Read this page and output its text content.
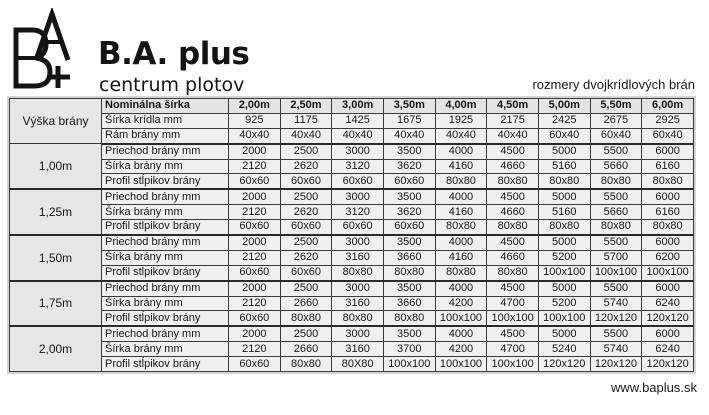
B.A. plus
centrum plotov	rozmery dvojkrídlových brán
Výška brány	Nominálna šírka	2,00m	2,50m	3,00m	3,50m	4,00m	4,50m	5,00m	5,50m	6,00m
	Šírka krídla mm	925	1175	1425	1675	1925	2175	2425	2675	2925
	Rám brány mm	40x40	40x40	40x40	40x40	40x40	40x40	60x40	60x40	60x40
1,00m	Priechod brány mm	2000	2500	3000	3500	4000	4500	5000	5500	6000
	Šírka brány mm	2120	2620	3120	3620	4160	4660	5160	5660	6160
	Profil stĺpikov brány	60x60	60x60	60x60	60x60	80x80	80x80	80x80	80x80	80x80
1,25m	Priechod brány mm	2000	2500	3000	3500	4000	4500	5000	5500	6000
	Šírka brány mm	2120	2620	3120	3620	4160	4660	5160	5660	6160
	Profil stĺpikov brány	60x60	60x60	60x60	60x60	80x80	80x80	80x80	80x80	80x80
1,50m	Priechod brány mm	2000	2500	3000	3500	4000	4500	5000	5500	6000
	Šírka brány mm	2120	2620	3160	3660	4160	4660	5200	5700	6200
	Profil stĺpikov brány	60x60	60x60	80x80	80x80	80x80	80x80	100x100	100x100	100x100
1,75m	Priechod brány mm	2000	2500	3000	3500	4000	4500	5000	5500	6000
	Šírka brány mm	2120	2660	3160	3660	4200	4700	5200	5740	6240
	Profil stĺpikov brány	60x60	80x80	80x80	80x80	100x100	100x100	100x100	120x120	120x120
2,00m	Priechod brány mm	2000	2500	3000	3500	4000	4500	5000	5500	6000
	Šírka brány mm	2120	2660	3160	3700	4200	4700	5240	5740	6240
	Profil stĺpikov brány	60x60	80x80	80X80	100x100	100x100	100x100	120x120	120x120	120x120
www.baplus.sk
